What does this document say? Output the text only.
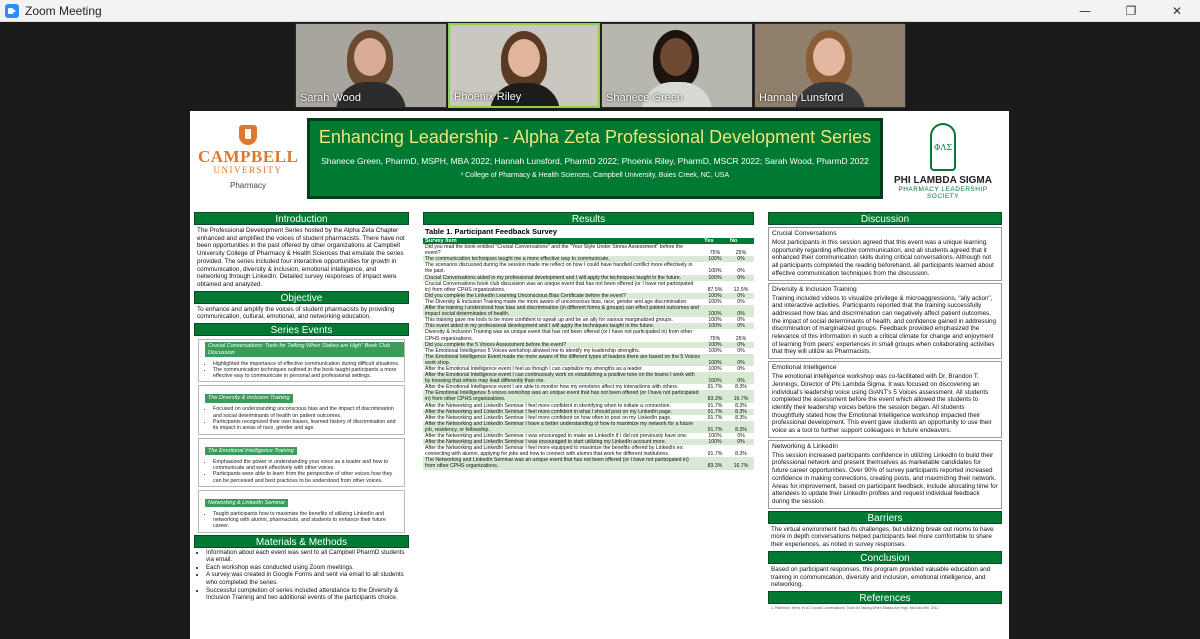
Zoom Meeting	—	❐	✕
Sarah Wood	Phoenix Riley	Shanece Green	Hannah Lunsford
CAMPBELL
UNIVERSITY
Pharmacy
Enhancing Leadership - Alpha Zeta Professional Development Series
Shanece Green, PharmD, MSPH, MBA 2022; Hannah Lunsford, PharmD 2022; Phoenix Riley, PharmD, MSCR 2022; Sarah Wood, PharmD 2022
¹ College of Pharmacy & Health Sciences, Campbell University, Buies Creek, NC, USA
ΦΛΣ
PHI LAMBDA SIGMA
PHARMACY LEADERSHIP SOCIETY
Introduction
The Professional Development Series hosted by the Alpha Zeta Chapter enhanced and amplified the voices of student pharmacists. There have not been opportunities in the past offered by other organizations at Campbell University College of Pharmacy & Health Sciences that emulate the series provided. The series included four interactive opportunities for growth in communication, diversity & inclusion, emotional intelligence, and networking through LinkedIn. Detailed survey responses of impact were obtained and analyzed.
Objective
To enhance and amplify the voices of student pharmacists by providing communication, cultural, emotional, and networking education.
Series Events
Crucial Conversations: Tools for Talking When Stakes are High" Book Club Discussion
• Highlighted the importance of effective communication during difficult situations.
• The communication techniques outlined in the book taught participants a more effective way to communicate in personal and professional settings.
The Diversity & Inclusion Training
• Focused on understanding unconscious bias and the impact of discrimination and social determinants of health on patient outcomes.
• Participants recognized their own biases, learned history of discrimination and its impact in areas of race, gender and age.
The Emotional Intelligence Training
• Emphasized the power in understanding your voice as a leader and how to communicate and work effectively with other voices.
• Participants were able to learn from the perspective of other voices how they can be perceived and best practices to be understood from other voices.
Networking & LinkedIn Seminar
• Taught participants how to maximize the benefits of utilizing LinkedIn and networking with alumni, pharmacists, and students to enhance their future career.
Materials & Methods
• Information about each event was sent to all Campbell PharmD students via email.
• Each workshop was conducted using Zoom meetings.
• A survey was created in Google Forms and sent via email to all students who completed the series.
• Successful completion of series included attendance to the Diversity & Inclusion Training and two additional events of the participants choice.
Results
Table 1. Participant Feedback Survey
Survey Item	Yes	No
Did you read the book entitled "Crucial Conversations" and the "Your Style Under Stress Assessment" before the event?	75%	25%
The communication techniques taught me a more effective way to communicate.	100%	0%
The scenarios discussed during the session made me reflect on how I could have handled conflict more effectively in the past.	100%	0%
Crucial Conversations aided in my professional development and I will apply the techniques taught in the future.	100%	0%
Crucial Conversations book club discussion was an unique event that has not been offered (or I have not participated in) from other CPHS organizations.	87.5%	12.5%
Did you complete the LinkedIn Learning Unconscious Bias Certificate before the event?	100%	0%
The Diversity & Inclusion Training made me more aware of unconscious bias, race, gender and age discrimination.	100%	0%
After the training I understood how bias and discrimination (in different forms & groups) can effect patient outcomes and impact social determinates of health.	100%	0%
This training gave me tools to be more confident to speak up and be an ally for various marginalized groups.	100%	0%
This event aided in my professional development and I will apply the techniques taught in the future.	100%	0%
Diversity & Inclusion Training was an unique event that has not been offered (or I have not participated in) from other CPHS organizations.	75%	25%
Did you complete the 5 Voices Assessment before the event?	100%	0%
The Emotional Intelligence 5 Voices workshop allowed me to identify my leadership strengths.	100%	0%
The Emotional Intelligence Event made me more aware of the different types of leaders there are based on the 5 Voices work shop.	100%	0%
After the Emotional Intelligence event I feel as though I can capitalize my strengths as a leader.	100%	0%
After the Emotional Intelligence event I can continuously work on establishing a positive tone on the teams I work with by knowing that others may lead differently than me.	100%	0%
After the Emotional Intelligence event I am able to monitor how my emotions affect my interactions with others.	91.7%	8.3%
The Emotional Intelligence 5 voices workshop was an unique event that has not been offered (or I have not participated in) from other CPHS organizations.	83.3%	16.7%
After the Networking and LinkedIn Seminar I feel more confident in identifying when to initiate a connection.	91.7%	8.3%
After the Networking and LinkedIn Seminar I feel more confident in what I should post on my LinkedIn page.	91.7%	8.3%
After the Networking and LinkedIn Seminar I feel more confident on how often to post on my LinkedIn page.	91.7%	8.3%
After the Networking and LinkedIn Seminar I have a better understanding of how to maximize my network for a future job, residency, or fellowship.	91.7%	8.3%
After the Networking and LinkedIn Seminar I was encouraged to make an LinkedIn if I did not previously have one.	100%	0%
After the Networking and LinkedIn Seminar I was encouraged to start utilizing my LinkedIn account more.	100%	0%
After the Networking and LinkedIn Seminar I feel more equipped to maximize the benefits offered by LinkedIn ex: connecting with alumni, applying for jobs and how to connect with alumni that work for different institutions.	91.7%	8.3%
The Networking and LinkedIn Seminar was an unique event that has not been offered (or I have not participated in) from other CPHS organizations.	83.3%	16.7%
Discussion
Crucial Conversations
Most participants in this session agreed that this event was a unique learning opportunity regarding effective communication, and all students agreed that it enhanced their communication skills during critical conversations. Although not all participants completed the reading beforehand, all participants learned about effective communication techniques from the discussion.
Diversity & Inclusion Training
Training included videos to visualize privilege & microaggressions, "ally action", and interactive activities. Participants reported that the training successfully addressed how bias and discrimination can negatively affect patient outcomes, the impact of social determinants of health, and confidence gained in addressing discrimination of marginalized groups. Feedback provided emphasized the relevance of this information in such a critical climate for change and enjoyment of learning from peers' experiences in small groups when collaborating activities that they will utilize as Pharmacists.
Emotional Intelligence
The emotional intelligence workshop was co-facilitated with Dr. Brandon T. Jennings, Director of Phi Lambda Sigma. It was focused on discovering an individual's leadership voice using GiANT's 5 Voices assessment. All students completed the assessment before the event which allowed the students to identify their leadership voices before the session began. All students thoughtfully stated how the Emotional Intelligence workshop impacted their professional development. This event gave students an opportunity to use their voice as a tool to further support colleagues in future endeavors.
Networking & LinkedIn
This session increased participants confidence in utilizing LinkedIn to build their professional network and present themselves as marketable candidates for future career opportunities. Over 90% of survey participants reported increased confidence in making connections, creating posts, and maximizing their network. Areas for improvement, based on participant feedback, include allocating time for attendees to update their LinkedIn profiles and request individual feedback during the session.
Barriers
The virtual environment had its challenges, but utilizing break out rooms to have more in depth conversations helped participants feel more comfortable to share their experiences, as noted in survey responses.
Conclusion
Based on participant responses, this program provided valuable education and training in communication, diversity and inclusion, emotional intelligence, and networking.
References
1. Patterson, Kerry, et al. Crucial Conversations: Tools for Talking When Stakes Are High. McGraw-Hill, 2012.
